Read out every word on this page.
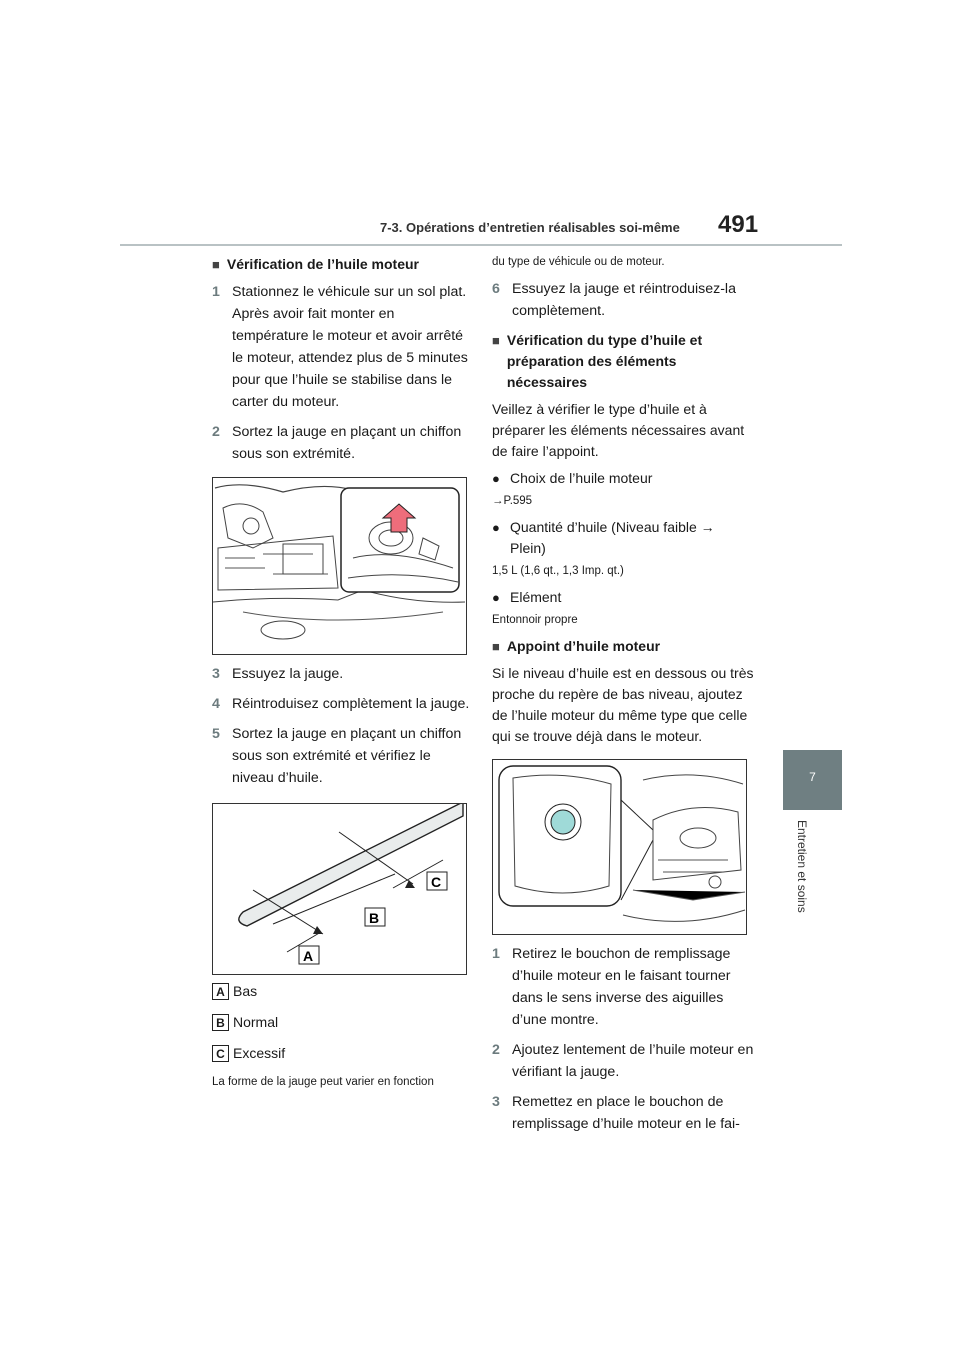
7-3. Opérations d’entretien réalisables soi-même 491
7
Entretien et soins
■ Vérification de l’huile moteur
1 Stationnez le véhicule sur un sol plat. Après avoir fait monter en température le moteur et avoir arrêté le moteur, attendez plus de 5 minutes pour que l’huile se stabilise dans le carter du moteur.
2 Sortez la jauge en plaçant un chiffon sous son extrémité.
3 Essuyez la jauge.
4 Réintroduisez complètement la jauge.
5 Sortez la jauge en plaçant un chiffon sous son extrémité et vérifiez le niveau d’huile.
A
B
C
A Bas
B Normal
C Excessif
La forme de la jauge peut varier en fonction
du type de véhicule ou de moteur.
6 Essuyez la jauge et réintroduisez-la complètement.
■ Vérification du type d’huile et préparation des éléments nécessaires
Veillez à vérifier le type d’huile et à préparer les éléments nécessaires avant de faire l’appoint.
● Choix de l’huile moteur
→P.595
● Quantité d’huile (Niveau faible → Plein)
1,5 L (1,6 qt., 1,3 Imp. qt.)
● Elément
Entonnoir propre
■ Appoint d’huile moteur
Si le niveau d’huile est en dessous ou très proche du repère de bas niveau, ajoutez de l’huile moteur du même type que celle qui se trouve déjà dans le moteur.
1 Retirez le bouchon de remplissage d’huile moteur en le faisant tourner dans le sens inverse des aiguilles d’une montre.
2 Ajoutez lentement de l’huile moteur en vérifiant la jauge.
3 Remettez en place le bouchon de remplissage d’huile moteur en le fai-
